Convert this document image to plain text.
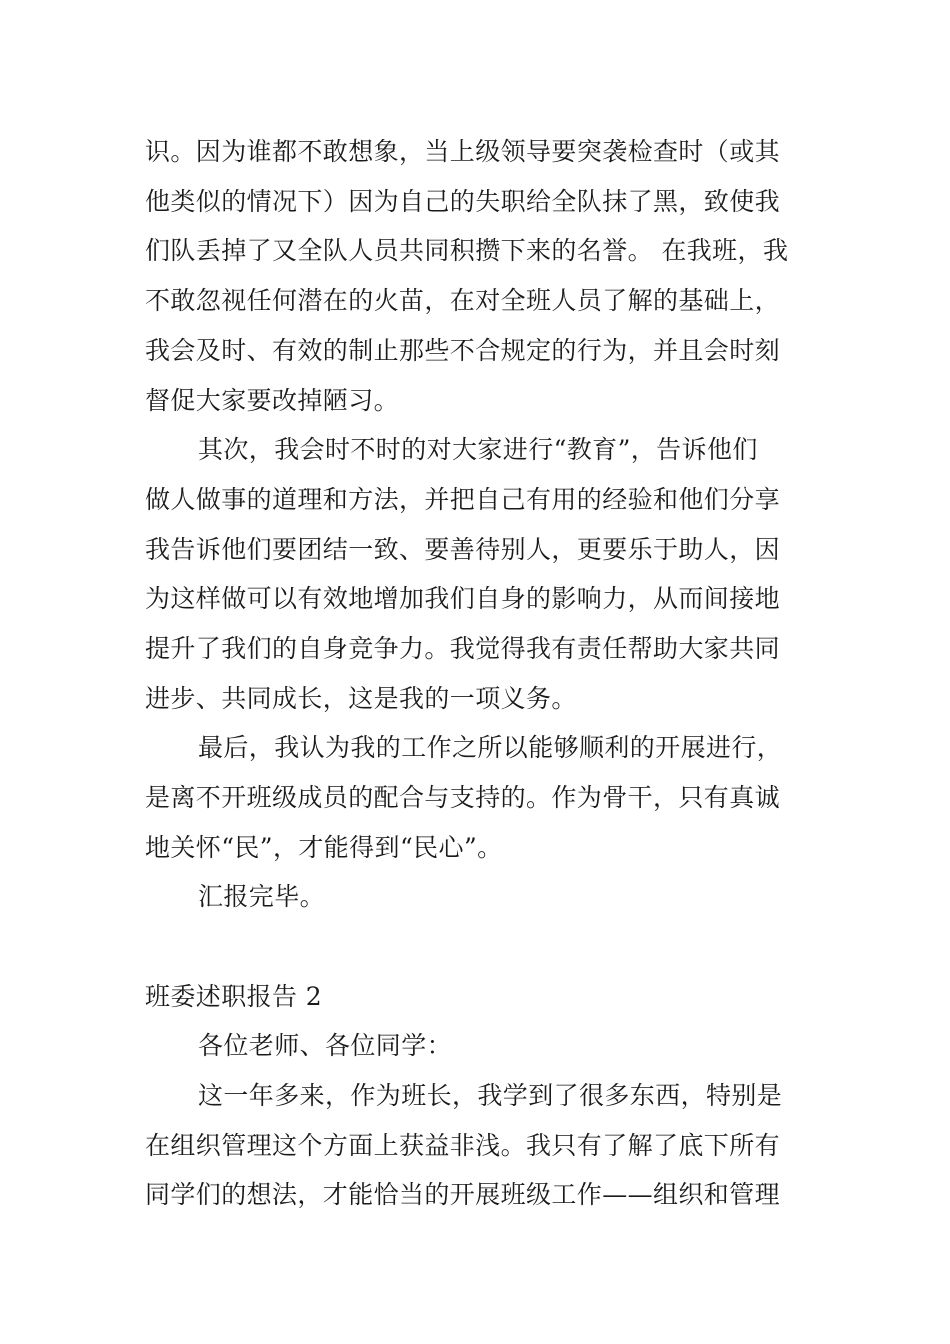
识。因为谁都不敢想象，当上级领导要突袭检查时（或其

他类似的情况下）因为自己的失职给全队抹了黑，致使我

们队丢掉了又全队人员共同积攒下来的名誉。 在我班，我

不敢忽视任何潜在的火苗，在对全班人员了解的基础上，

我会及时、有效的制止那些不合规定的行为，并且会时刻

督促大家要改掉陋习。

其次，我会时不时的对大家进行“教育”，告诉他们

做人做事的道理和方法，并把自己有用的经验和他们分享

我告诉他们要团结一致、要善待别人，更要乐于助人，因

为这样做可以有效地增加我们自身的影响力，从而间接地

提升了我们的自身竞争力。我觉得我有责任帮助大家共同

进步、共同成长，这是我的一项义务。

最后，我认为我的工作之所以能够顺利的开展进行，

是离不开班级成员的配合与支持的。作为骨干，只有真诚

地关怀“民”，才能得到“民心”。

汇报完毕。

班委述职报告 2

各位老师、各位同学：

这一年多来，作为班长，我学到了很多东西，特别是

在组织管理这个方面上获益非浅。我只有了解了底下所有

同学们的想法，才能恰当的开展班级工作——组织和管理
